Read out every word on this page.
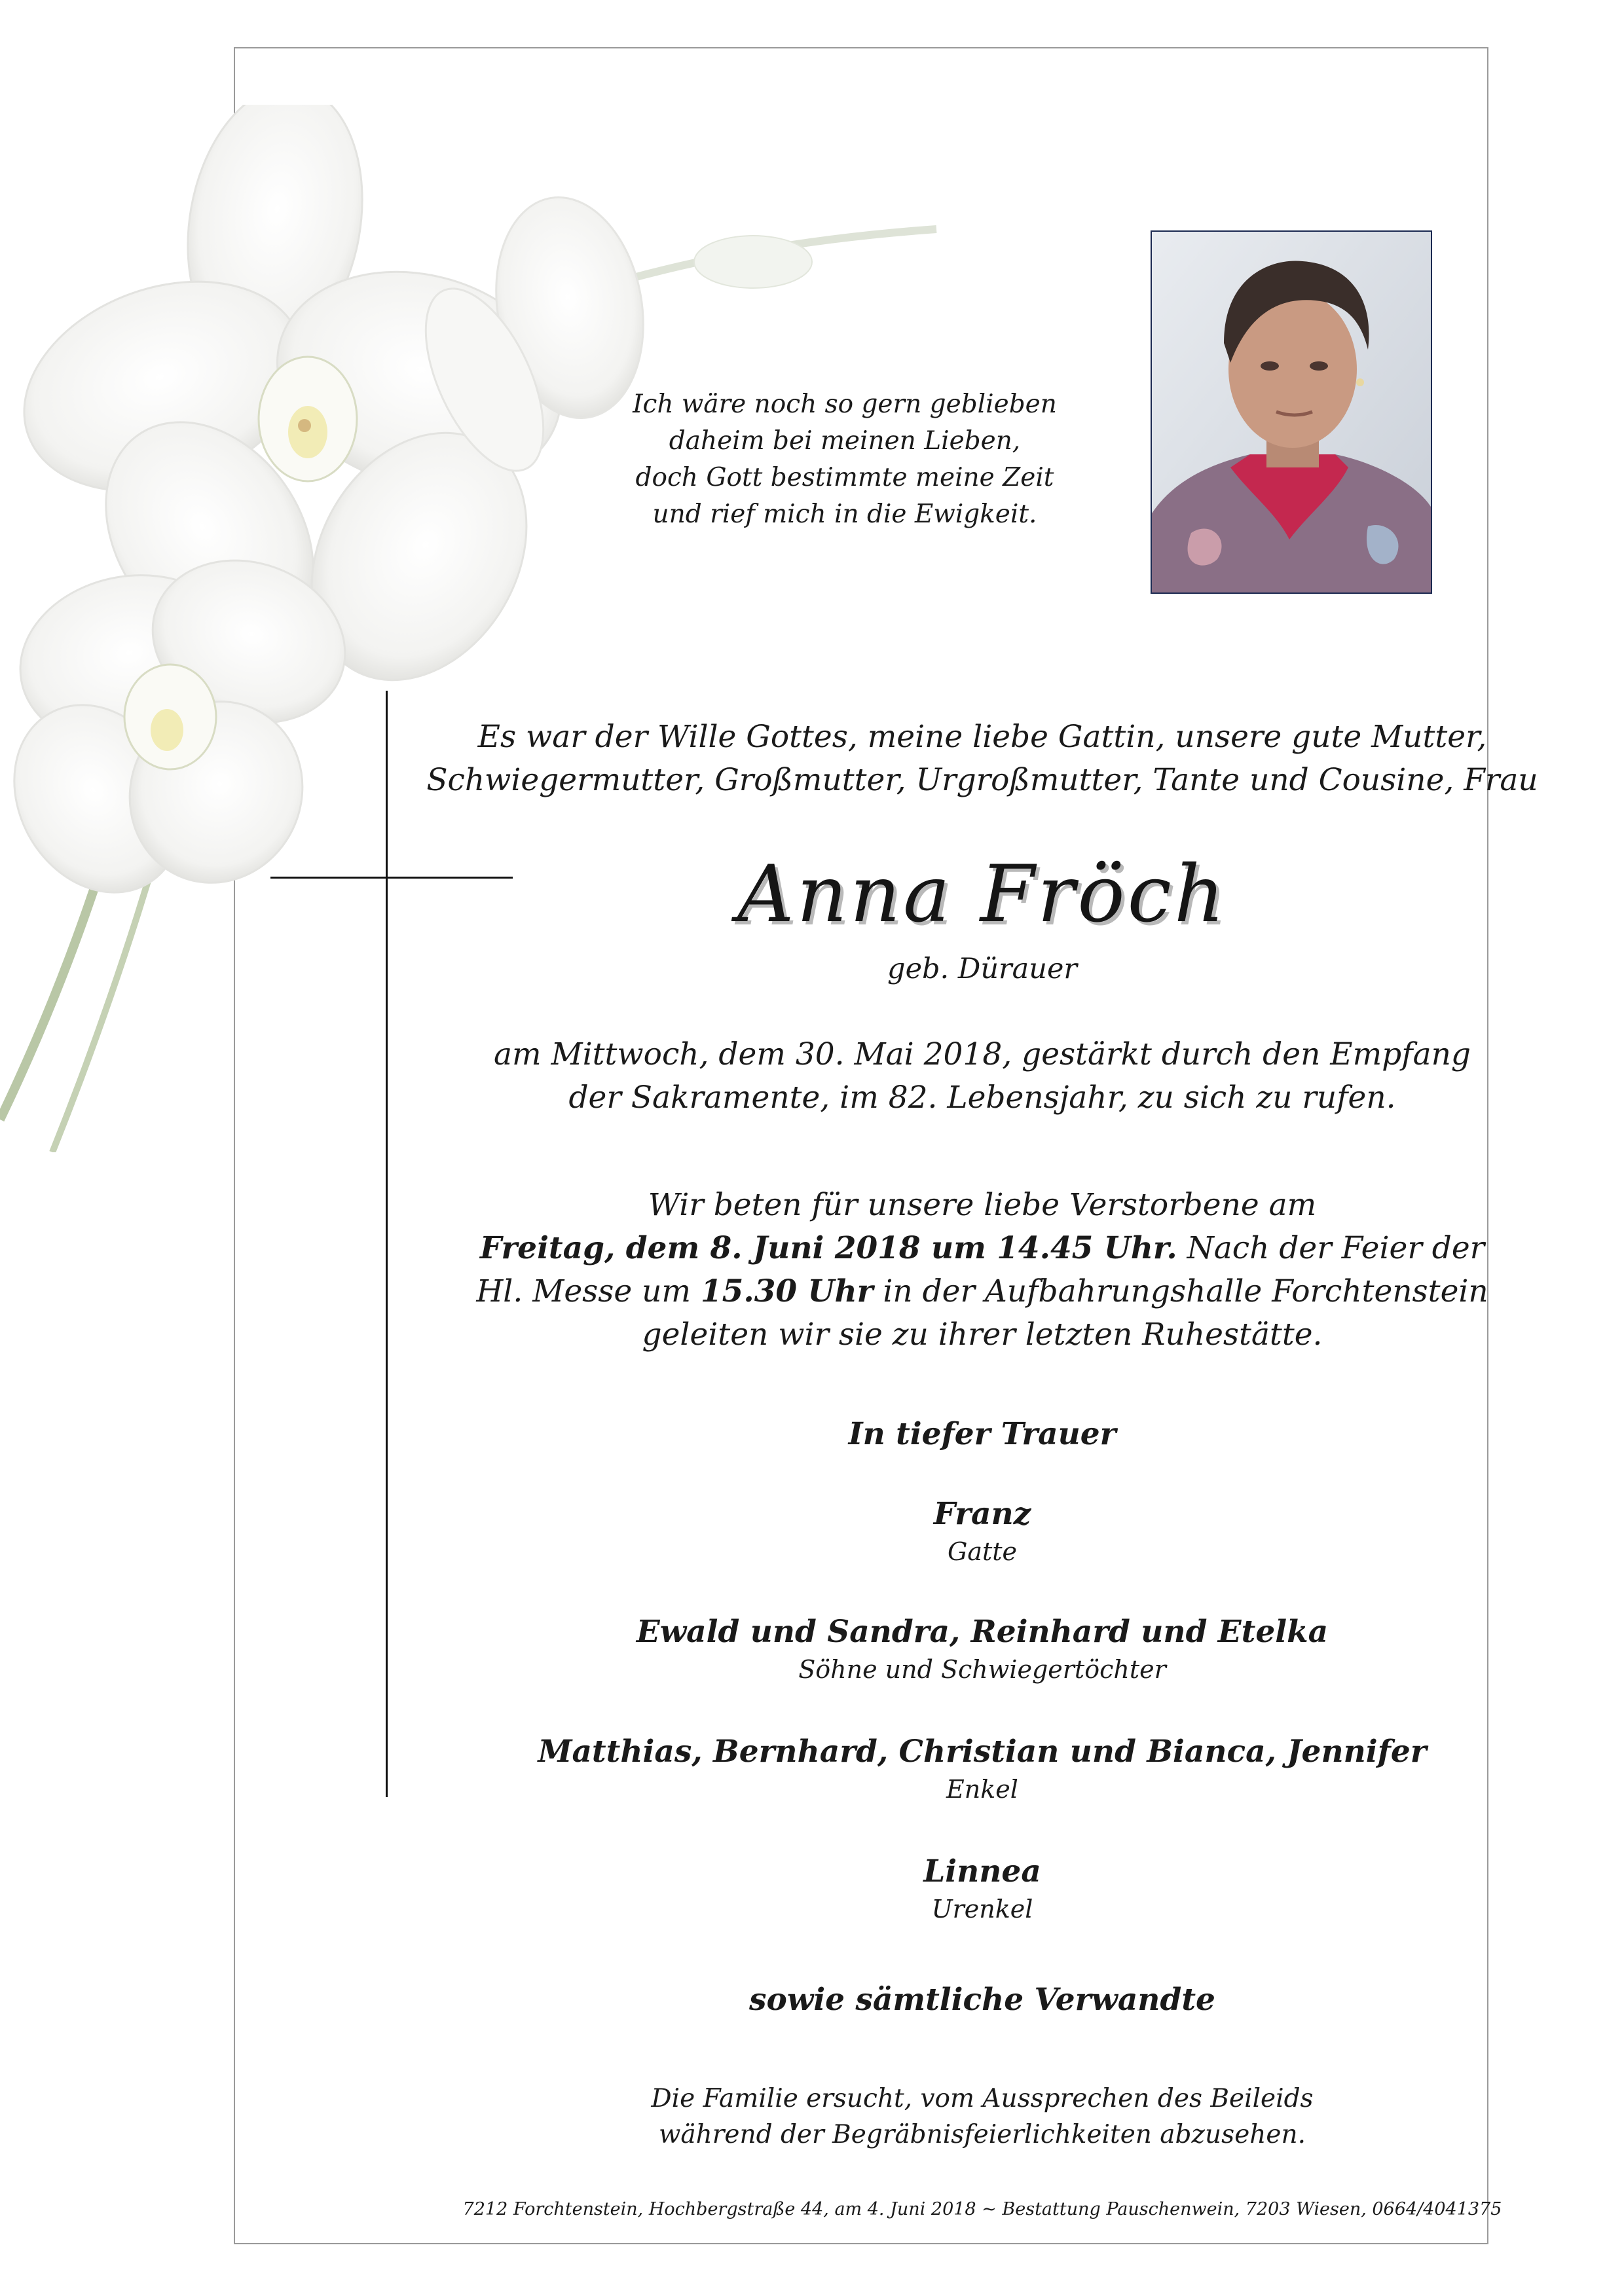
Ich wäre noch so gern geblieben
daheim bei meinen Lieben,
doch Gott bestimmte meine Zeit
und rief mich in die Ewigkeit.
Es war der Wille Gottes, meine liebe Gattin, unsere gute Mutter,
Schwiegermutter, Großmutter, Urgroßmutter, Tante und Cousine, Frau
Anna Fröch
geb. Dürauer
am Mittwoch, dem 30. Mai 2018, gestärkt durch den Empfang
der Sakramente, im 82. Lebensjahr, zu sich zu rufen.
Wir beten für unsere liebe Verstorbene am
Freitag, dem 8. Juni 2018 um 14.45 Uhr. Nach der Feier der
Hl. Messe um 15.30 Uhr in der Aufbahrungshalle Forchtenstein
geleiten wir sie zu ihrer letzten Ruhestätte.
In tiefer Trauer
Franz
Gatte
Ewald und Sandra, Reinhard und Etelka
Söhne und Schwiegertöchter
Matthias, Bernhard, Christian und Bianca, Jennifer
Enkel
Linnea
Urenkel
sowie sämtliche Verwandte
Die Familie ersucht, vom Aussprechen des Beileids
während der Begräbnisfeierlichkeiten abzusehen.
7212 Forchtenstein, Hochbergstraße 44, am 4. Juni 2018 ~ Bestattung Pauschenwein, 7203 Wiesen, 0664/4041375
